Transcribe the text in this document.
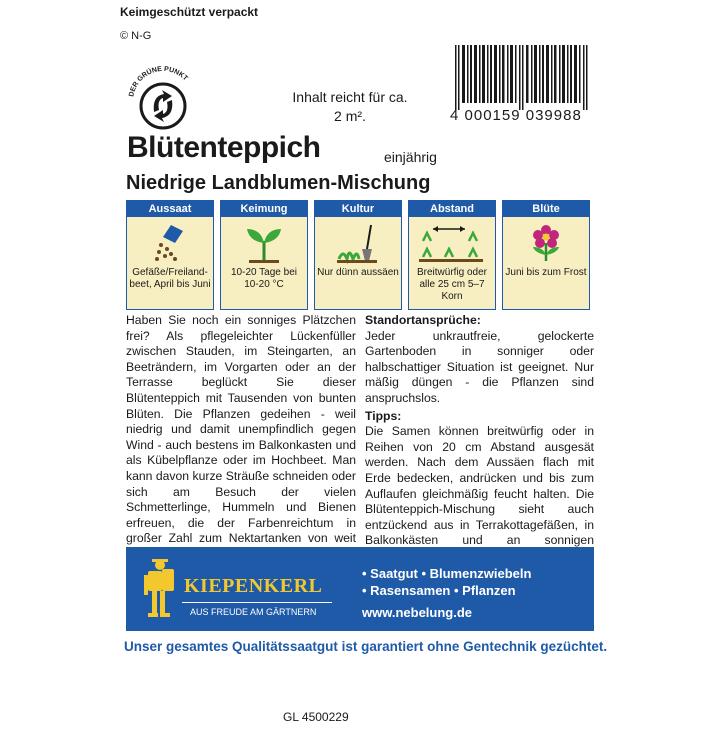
Keimgeschützt verpackt
© N-G
DER GRÜNE PUNKT
Inhalt reicht für ca. 2 m².	4 000159 039988
Blütenteppich	einjährig
Niedrige Landblumen-Mischung
Aussaat
Gefäße/Freiland-beet, April bis Juni
Keimung
10-20 Tage bei 10-20 °C
Kultur
Nur dünn aussäen
Abstand
Breitwürfig oder alle 25 cm 5–7 Korn
Blüte
Juni bis zum Frost
Haben Sie noch ein sonniges Plätzchen frei? Als pflegeleichter Lückenfüller zwischen Stauden, im Steingarten, an Beeträndern, im Vorgarten oder an der Terrasse beglückt Sie dieser Blütenteppich mit Tausenden von bunten Blüten. Die Pflanzen gedeihen - weil niedrig und damit unempfindlich gegen Wind - auch bestens im Balkonkasten und als Kübelpflanze oder im Hochbeet. Man kann davon kurze Sträuße schneiden oder sich am Besuch der vielen Schmetterlinge, Hummeln und Bienen erfreuen, die der Farbenreichtum in großer Zahl zum Nektartanken von weit
Standortansprüche:

Jeder unkrautfreie, gelockerte Gartenboden in sonniger oder halbschattiger Situation ist geeignet. Nur mäßig düngen - die Pflanzen sind anspruchslos.

Tipps:

Die Samen können breitwürfig oder in Reihen von 20 cm Abstand ausgesät werden. Nach dem Aussäen flach mit Erde bedecken, andrücken und bis zum Auflaufen gleichmäßig feucht halten. Die Blütenteppich-Mischung sieht auch entzückend aus in Terrakottagefäßen, in Balkonkästen und an sonnigen

KIEPENKERL
AUS FREUDE AM GÄRTNERN
• Saatgut • Blumenzwiebeln
• Rasensamen • Pflanzen
www.nebelung.de
Unser gesamtes Qualitätssaatgut ist garantiert ohne Gentechnik gezüchtet.
GL 4500229
